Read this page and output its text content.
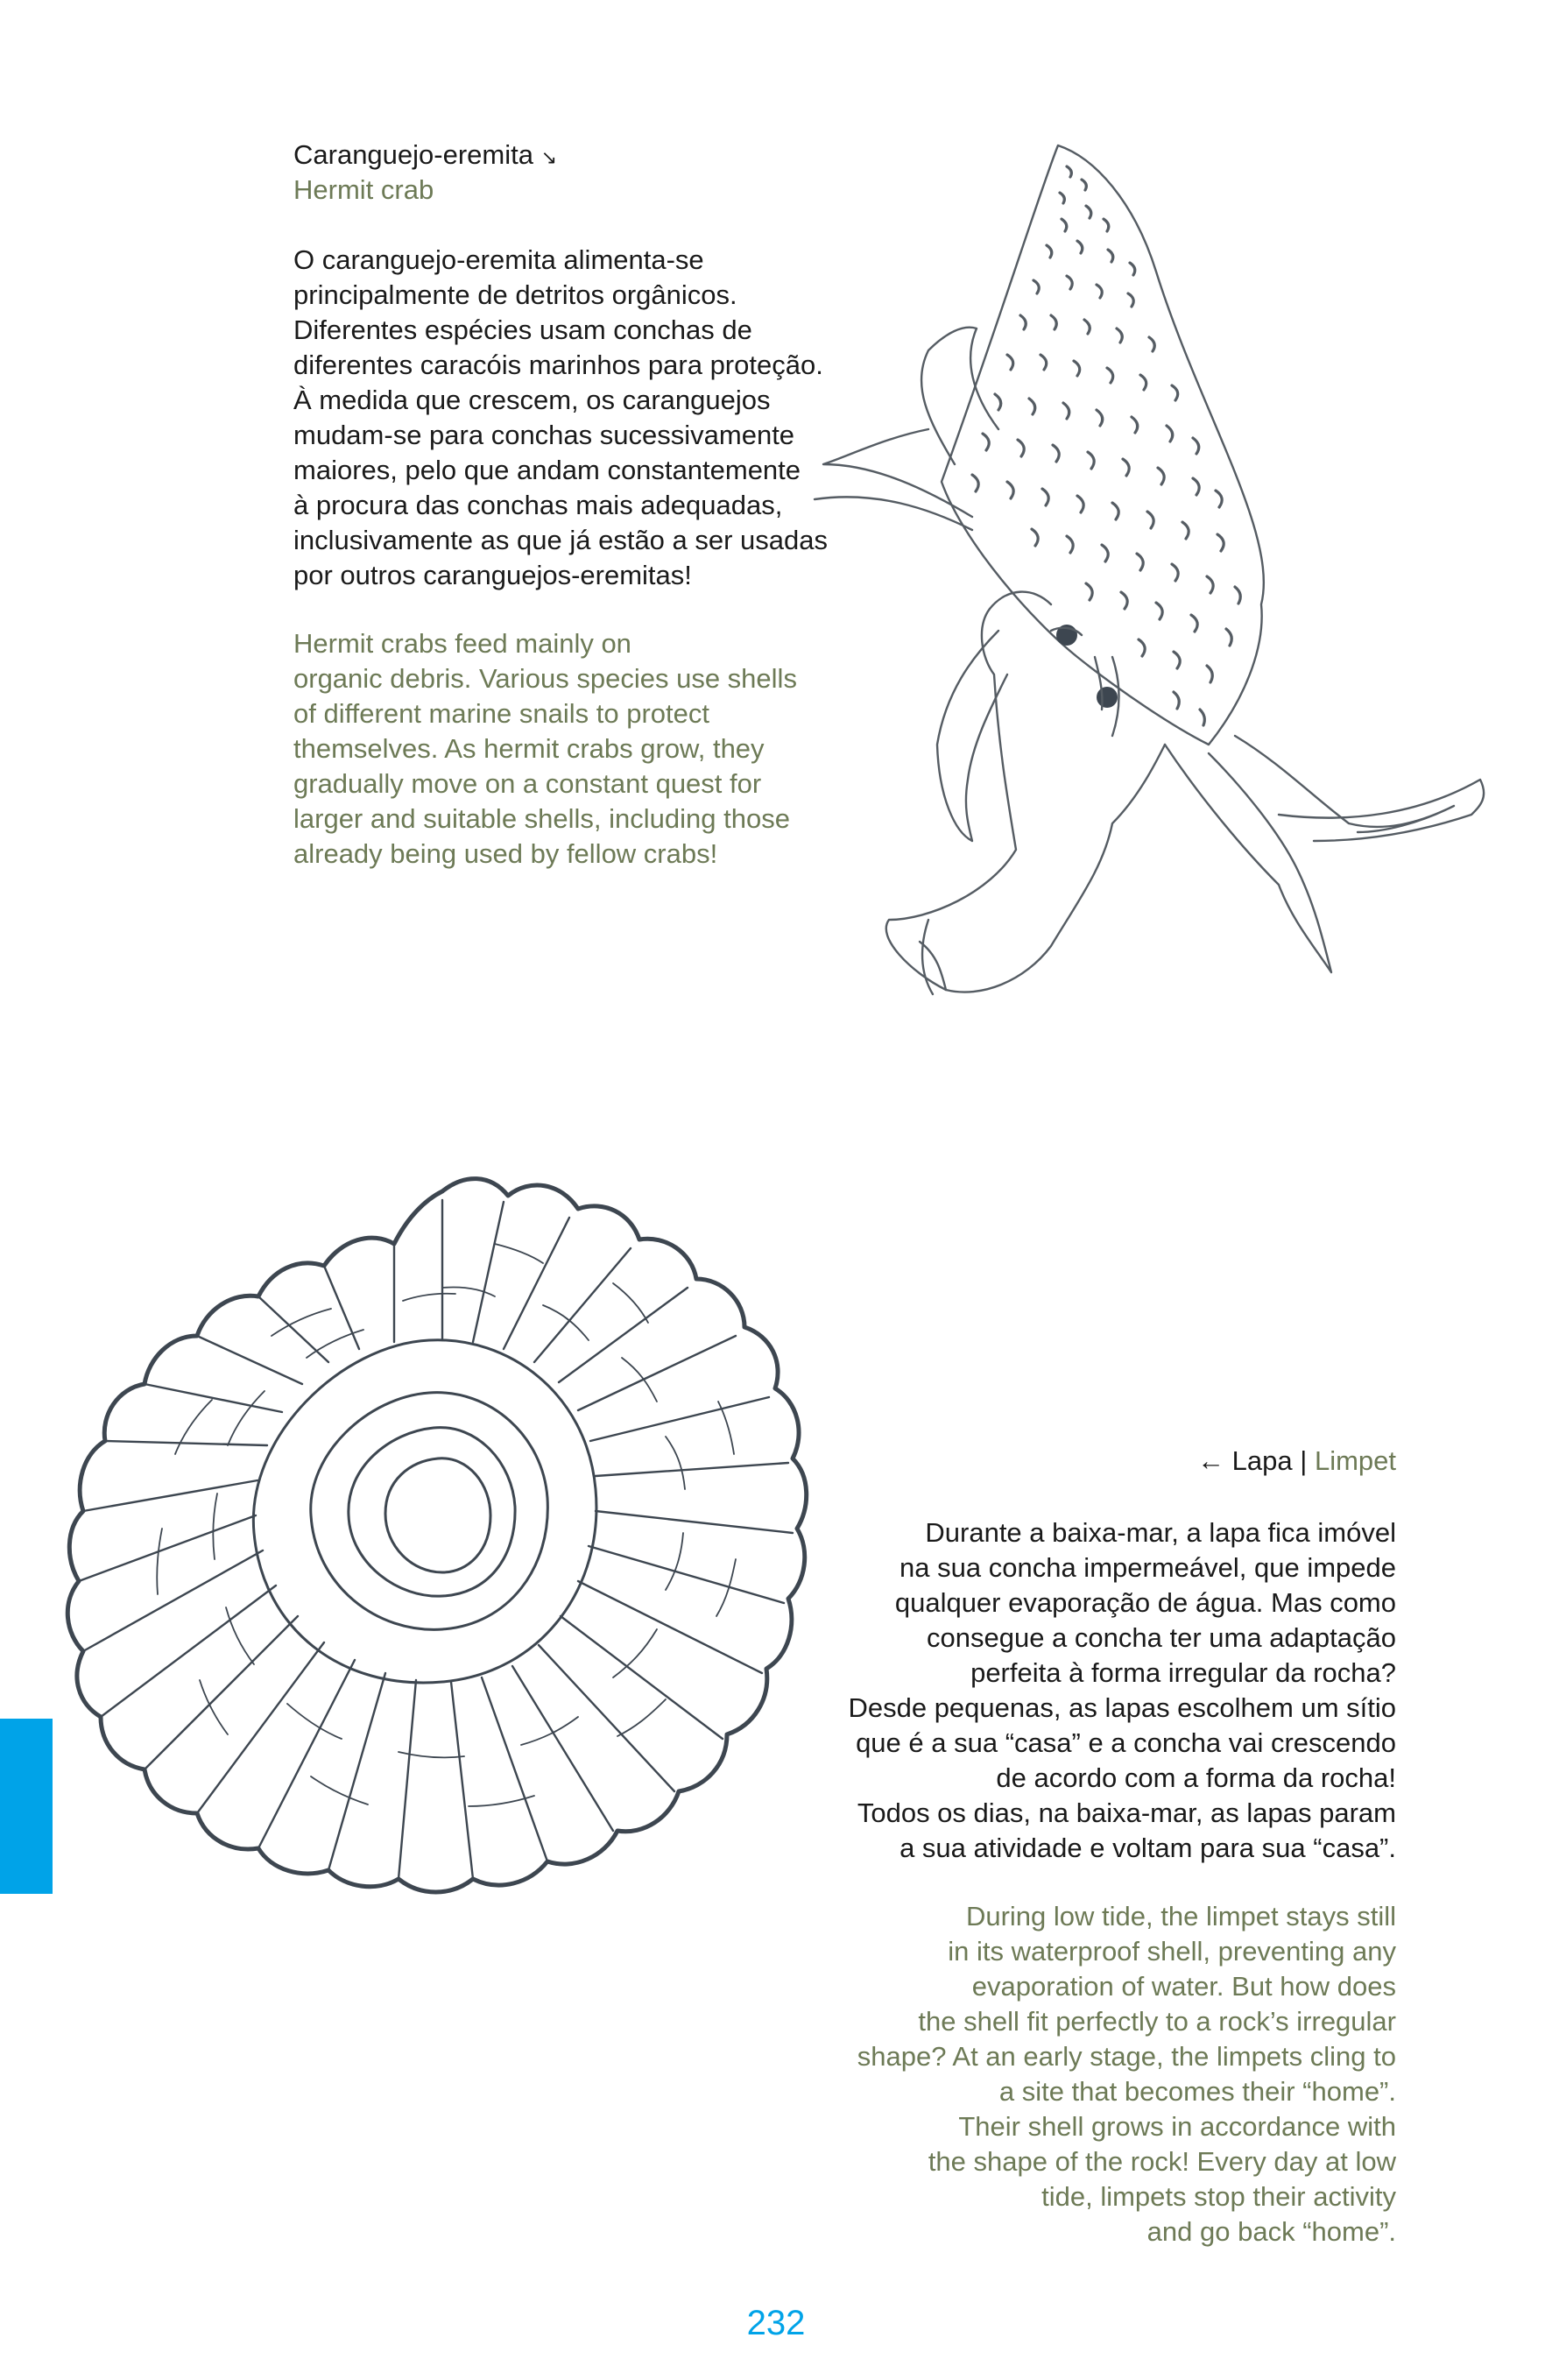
Caranguejo-eremita ↘
Hermit crab

O caranguejo-eremita alimenta-se
principalmente de detritos orgânicos.
Diferentes espécies usam conchas de
diferentes caracóis marinhos para proteção.
À medida que crescem, os caranguejos
mudam-se para conchas sucessivamente
maiores, pelo que andam constantemente
à procura das conchas mais adequadas,
inclusivamente as que já estão a ser usadas
por outros caranguejos-eremitas!

Hermit crabs feed mainly on
organic debris. Various species use shells
of different marine snails to protect
themselves. As hermit crabs grow, they
gradually move on a constant quest for
larger and suitable shells, including those
already being used by fellow crabs!

← Lapa | Limpet

Durante a baixa-mar, a lapa fica imóvel
na sua concha impermeável, que impede
qualquer evaporação de água. Mas como
consegue a concha ter uma adaptação
perfeita à forma irregular da rocha?
Desde pequenas, as lapas escolhem um sítio
que é a sua “casa” e a concha vai crescendo
de acordo com a forma da rocha!
Todos os dias, na baixa-mar, as lapas param
a sua atividade e voltam para sua “casa”.

During low tide, the limpet stays still
in its waterproof shell, preventing any
evaporation of water. But how does
the shell fit perfectly to a rock’s irregular
shape? At an early stage, the limpets cling to
a site that becomes their “home”.
Their shell grows in accordance with
the shape of the rock! Every day at low
tide, limpets stop their activity
and go back “home”.

232
